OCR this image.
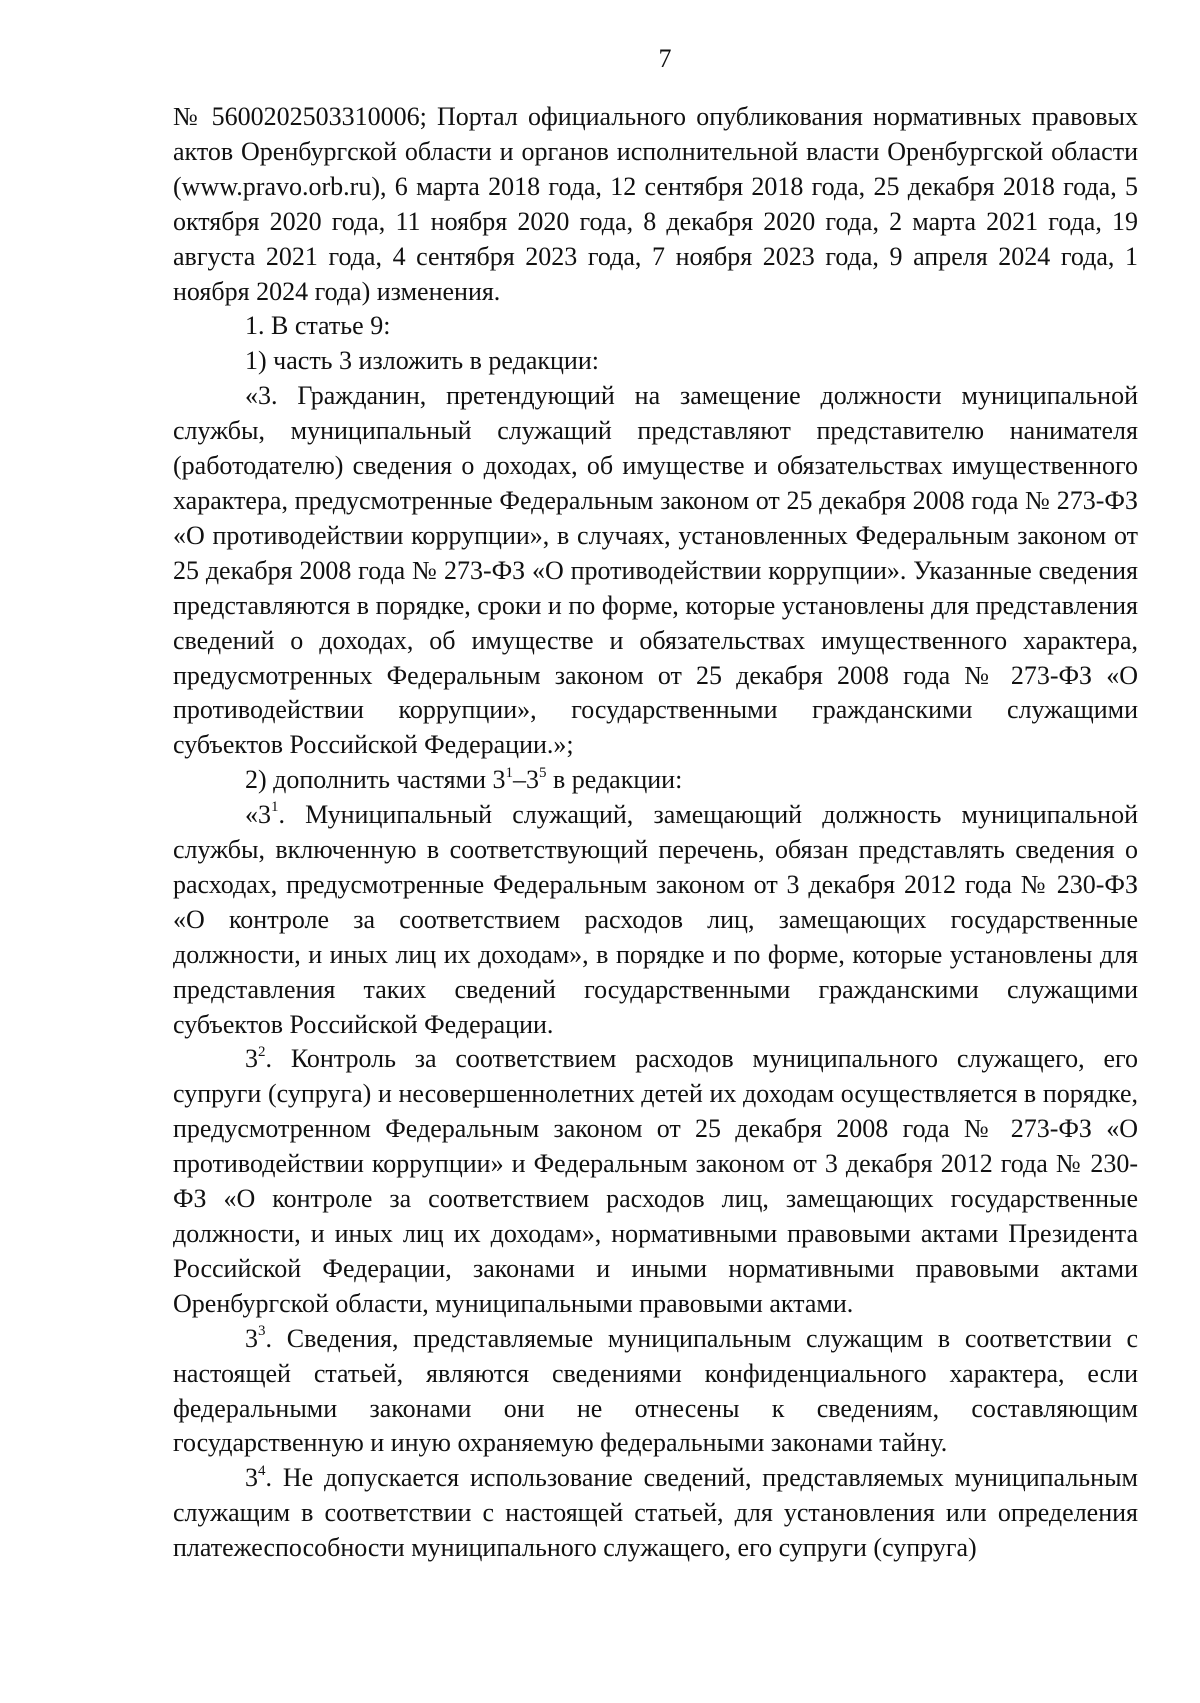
7

№ 5600202503310006; Портал официального опубликования нормативных правовых актов Оренбургской области и органов исполнительной власти Оренбургской области (www.pravo.orb.ru), 6 марта 2018 года, 12 сентября 2018 года, 25 декабря 2018 года, 5 октября 2020 года, 11 ноября 2020 года, 8 декабря 2020 года, 2 марта 2021 года, 19 августа 2021 года, 4 сентября 2023 года, 7 ноября 2023 года, 9 апреля 2024 года, 1 ноября 2024 года) изменения.

1. В статье 9:

1) часть 3 изложить в редакции:

«3. Гражданин, претендующий на замещение должности муниципальной службы, муниципальный служащий представляют представителю нанимателя (работодателю) сведения о доходах, об имуществе и обязательствах имущественного характера, предусмотренные Федеральным законом от 25 декабря 2008 года № 273-ФЗ «О противодействии коррупции», в случаях, установленных Федеральным законом от 25 декабря 2008 года № 273-ФЗ «О противодействии коррупции». Указанные сведения представляются в порядке, сроки и по форме, которые установлены для представления сведений о доходах, об имуществе и обязательствах имущественного характера, предусмотренных Федеральным законом от 25 декабря 2008 года № 273-ФЗ «О противодействии коррупции», государственными гражданскими служащими субъектов Российской Федерации.»;

2) дополнить частями $3^1-3^5$ в редакции:

«$3^1$. Муниципальный служащий, замещающий должность муниципальной службы, включенную в соответствующий перечень, обязан представлять сведения о расходах, предусмотренные Федеральным законом от 3 декабря 2012 года № 230-ФЗ «О контроле за соответствием расходов лиц, замещающих государственные должности, и иных лиц их доходам», в порядке и по форме, которые установлены для представления таких сведений государственными гражданскими служащими субъектов Российской Федерации.

$3^2$. Контроль за соответствием расходов муниципального служащего, его супруги (супруга) и несовершеннолетних детей их доходам осуществляется в порядке, предусмотренном Федеральным законом от 25 декабря 2008 года № 273-ФЗ «О противодействии коррупции» и Федеральным законом от 3 декабря 2012 года № 230-ФЗ «О контроле за соответствием расходов лиц, замещающих государственные должности, и иных лиц их доходам», нормативными правовыми актами Президента Российской Федерации, законами и иными нормативными правовыми актами Оренбургской области, муниципальными правовыми актами.

$3^3$. Сведения, представляемые муниципальным служащим в соответствии с настоящей статьей, являются сведениями конфиденциального характера, если федеральными законами они не отнесены к сведениям, составляющим государственную и иную охраняемую федеральными законами тайну.

$3^4$. Не допускается использование сведений, представляемых муниципальным служащим в соответствии с настоящей статьей, для установления или определения платежеспособности муниципального служащего, его супруги (супруга)
